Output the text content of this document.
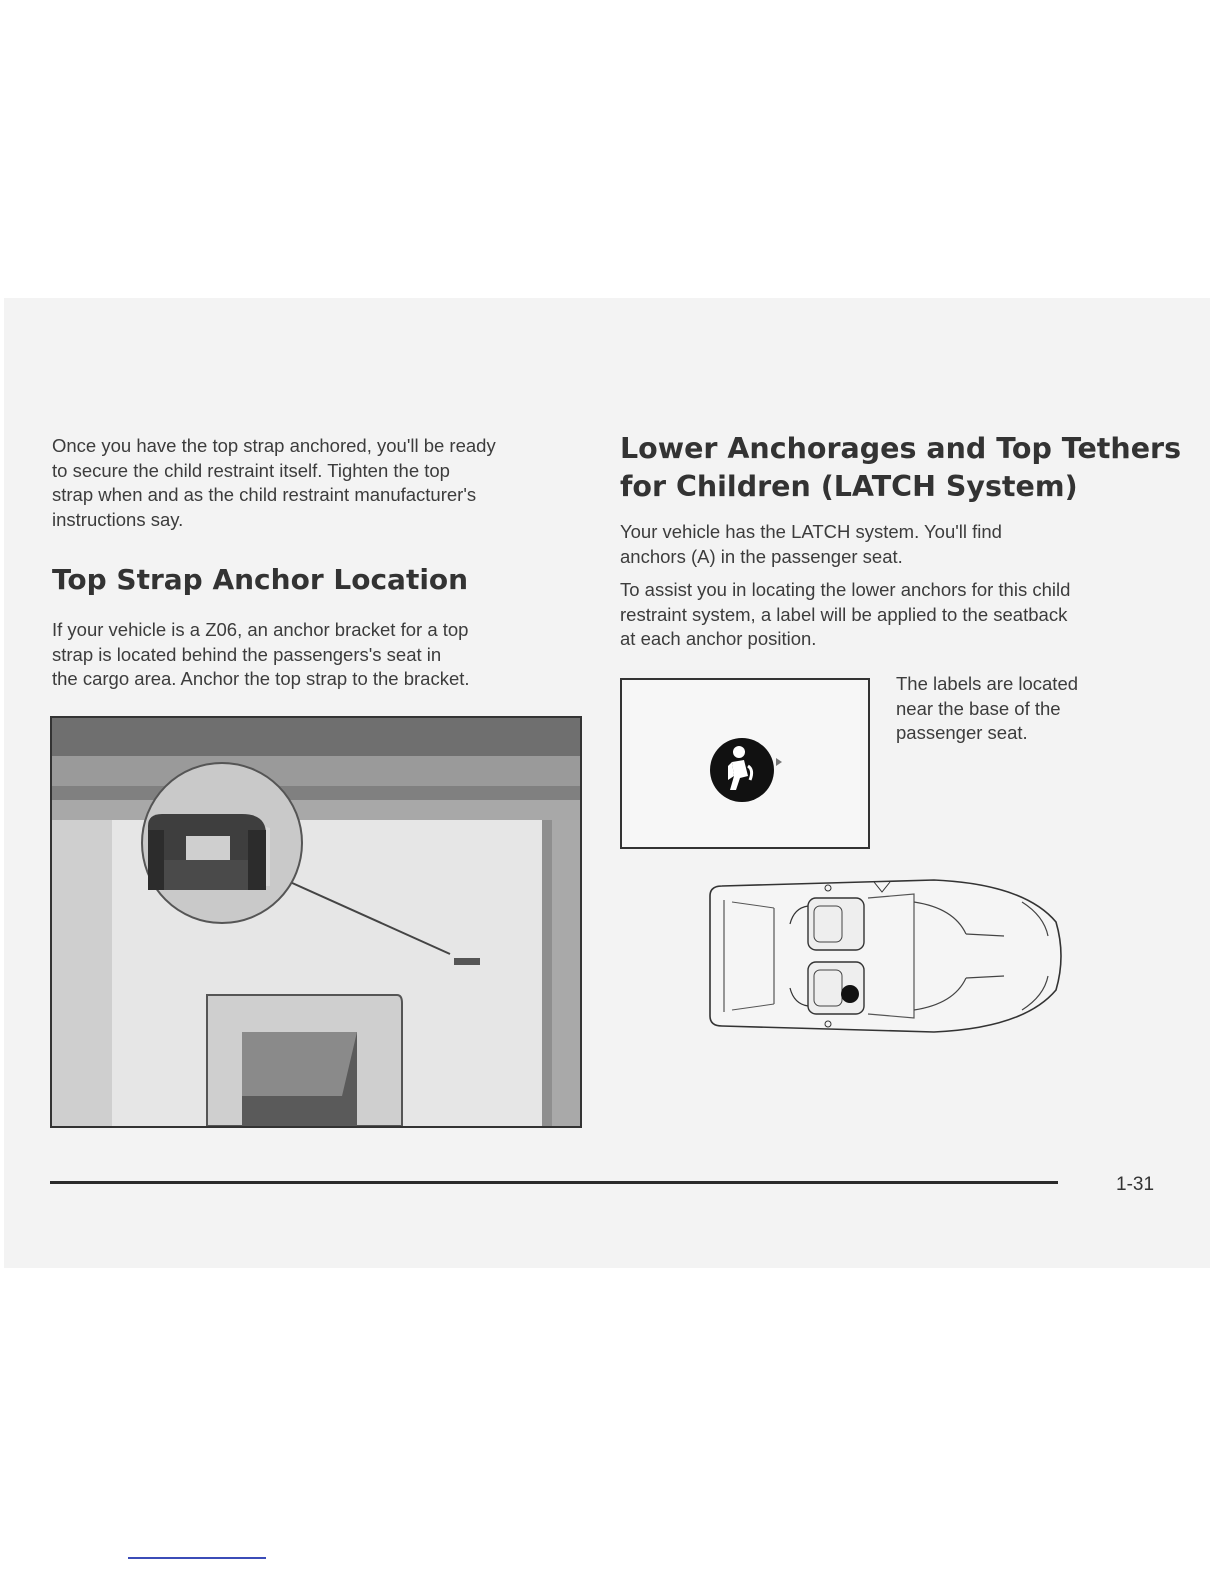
Once you have the top strap anchored, you'll be ready
to secure the child restraint itself. Tighten the top
strap when and as the child restraint manufacturer's
instructions say.

Top Strap Anchor Location

If your vehicle is a Z06, an anchor bracket for a top
strap is located behind the passengers's seat in
the cargo area. Anchor the top strap to the bracket.

Lower Anchorages and Top Tethers
for Children (LATCH System)

Your vehicle has the LATCH system. You'll find
anchors (A) in the passenger seat.

To assist you in locating the lower anchors for this child
restraint system, a label will be applied to the seatback
at each anchor position.

The labels are located
near the base of the
passenger seat.

1-31
